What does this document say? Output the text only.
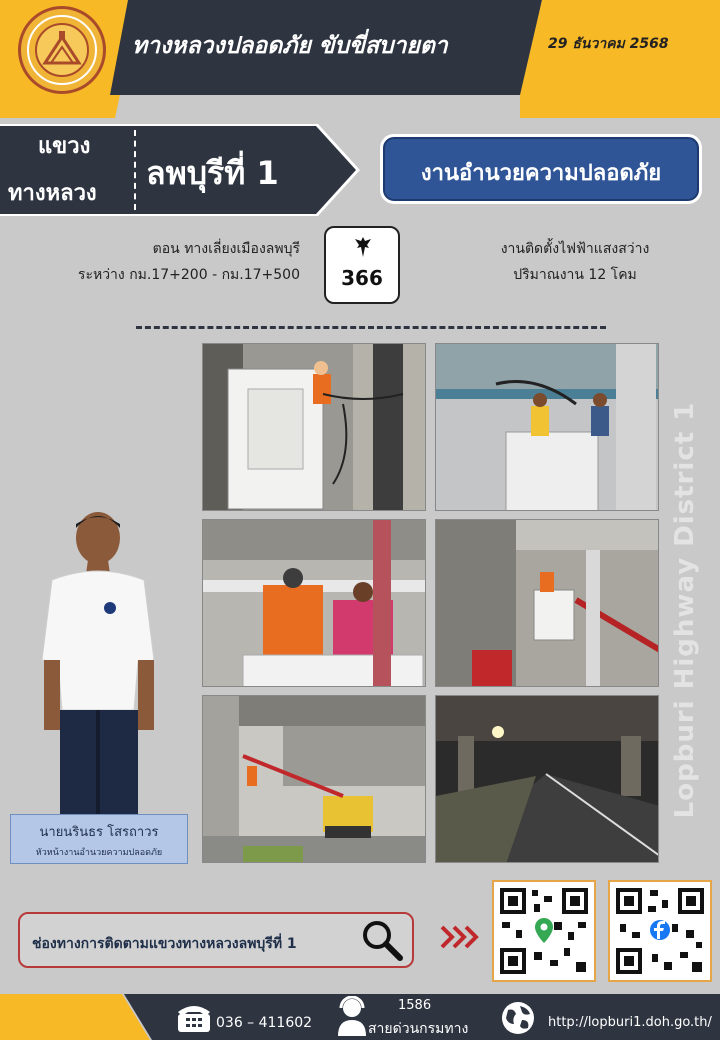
ทางหลวงปลอดภัย ขับขี่สบายตา	29 ธันวาคม 2568
แขวง
ทางหลวง
ลพบุรีที่ 1	งานอำนวยความปลอดภัย
ตอน ทางเลี่ยงเมืองลพบุรี
ระหว่าง กม.17+200 - กม.17+500	366
งานติดตั้งไฟฟ้าแสงสว่าง
ปริมาณงาน 12 โคม
Lopburi Highway District 1
นายนรินธร โสรถาวร
หัวหน้างานอำนวยความปลอดภัย
ช่องทางการติดตามแขวงทางหลวงลพบุรีที่ 1
036 – 411602
1586
สายด่วนกรมทาง	http://lopburi1.doh.go.th/
